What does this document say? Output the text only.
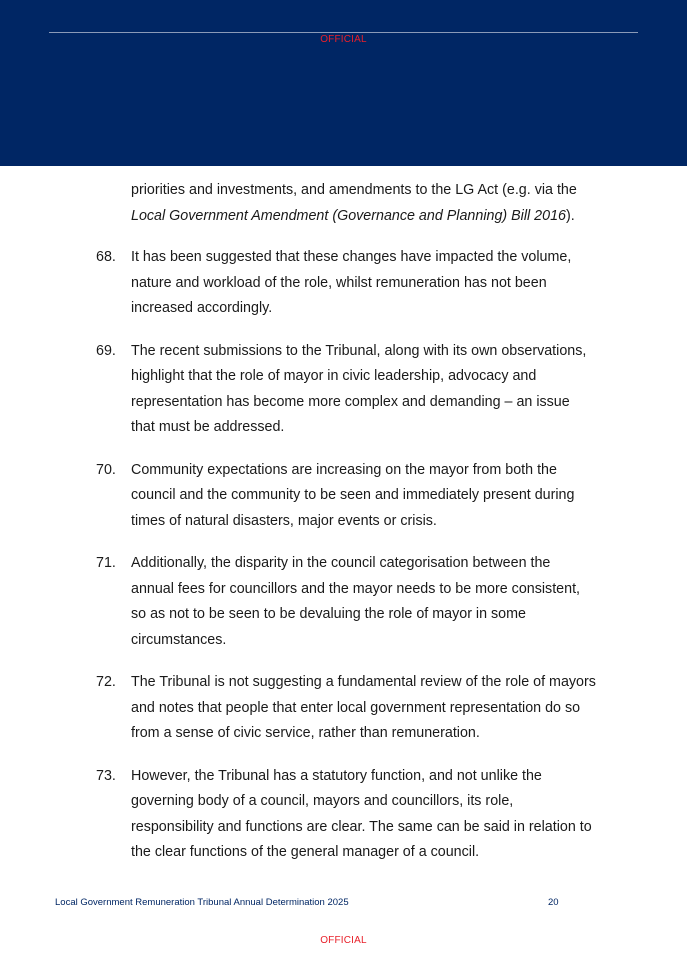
OFFICIAL

priorities and investments, and amendments to the LG Act (e.g. via the Local Government Amendment (Governance and Planning) Bill 2016).

68. It has been suggested that these changes have impacted the volume, nature and workload of the role, whilst remuneration has not been increased accordingly.
69. The recent submissions to the Tribunal, along with its own observations, highlight that the role of mayor in civic leadership, advocacy and representation has become more complex and demanding – an issue that must be addressed.
70. Community expectations are increasing on the mayor from both the council and the community to be seen and immediately present during times of natural disasters, major events or crisis.
71. Additionally, the disparity in the council categorisation between the annual fees for councillors and the mayor needs to be more consistent, so as not to be seen to be devaluing the role of mayor in some circumstances.
72. The Tribunal is not suggesting a fundamental review of the role of mayors and notes that people that enter local government representation do so from a sense of civic service, rather than remuneration.
73. However, the Tribunal has a statutory function, and not unlike the governing body of a council, mayors and councillors, its role, responsibility and functions are clear. The same can be said in relation to the clear functions of the general manager of a council.
Local Government Remuneration Tribunal Annual Determination 2025	20
OFFICIAL
